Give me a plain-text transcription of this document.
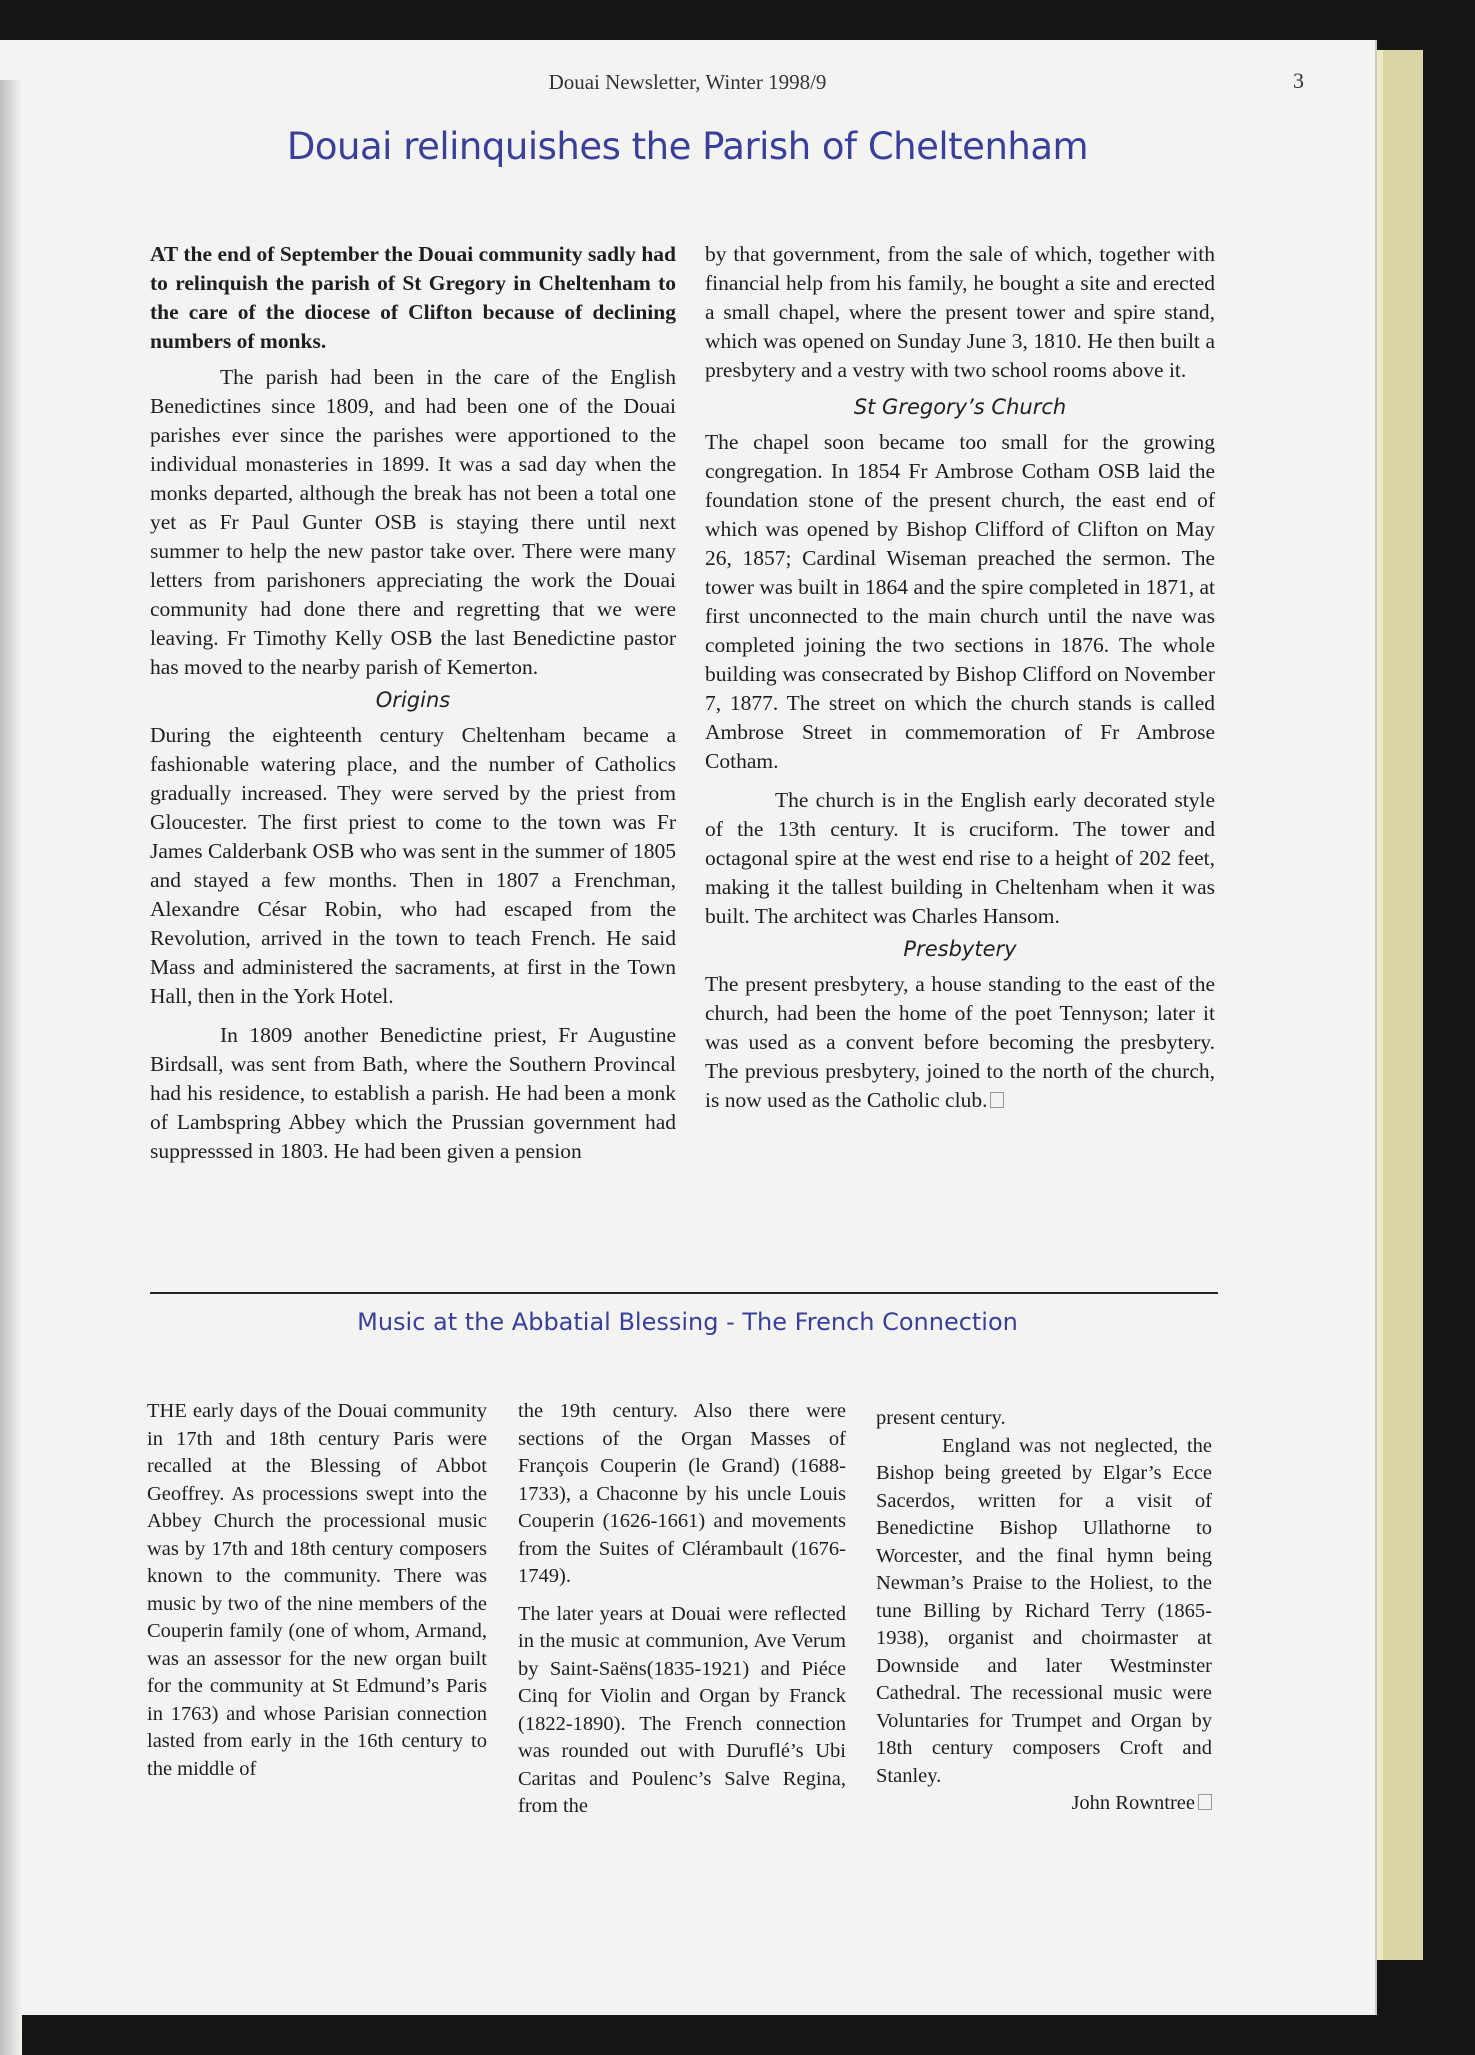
Douai Newsletter, Winter 1998/9	3
Douai relinquishes the Parish of Cheltenham

AT the end of September the Douai community sadly had to relinquish the parish of St Gregory in Cheltenham to the care of the diocese of Clifton because of declining numbers of monks.

The parish had been in the care of the English Benedictines since 1809, and had been one of the Douai parishes ever since the parishes were apportioned to the individual monasteries in 1899. It was a sad day when the monks departed, although the break has not been a total one yet as Fr Paul Gunter OSB is staying there until next summer to help the new pastor take over. There were many letters from parishoners appreciating the work the Douai community had done there and regretting that we were leaving. Fr Timothy Kelly OSB the last Benedictine pastor has moved to the nearby parish of Kemerton.

Origins

During the eighteenth century Cheltenham became a fashionable watering place, and the number of Catholics gradually increased. They were served by the priest from Gloucester. The first priest to come to the town was Fr James Calderbank OSB who was sent in the summer of 1805 and stayed a few months. Then in 1807 a Frenchman, Alexandre César Robin, who had escaped from the Revolution, arrived in the town to teach French. He said Mass and administered the sacraments, at first in the Town Hall, then in the York Hotel.

In 1809 another Benedictine priest, Fr Augustine Birdsall, was sent from Bath, where the Southern Provincal had his residence, to establish a parish. He had been a monk of Lambspring Abbey which the Prussian government had suppresssed in 1803. He had been given a pension

by that government, from the sale of which, together with financial help from his family, he bought a site and erected a small chapel, where the present tower and spire stand, which was opened on Sunday June 3, 1810. He then built a presbytery and a vestry with two school rooms above it.

St Gregory’s Church

The chapel soon became too small for the growing congregation. In 1854 Fr Ambrose Cotham OSB laid the foundation stone of the present church, the east end of which was opened by Bishop Clifford of Clifton on May 26, 1857; Cardinal Wiseman preached the sermon. The tower was built in 1864 and the spire completed in 1871, at first unconnected to the main church until the nave was completed joining the two sections in 1876. The whole building was consecrated by Bishop Clifford on November 7, 1877. The street on which the church stands is called Ambrose Street in commemoration of Fr Ambrose Cotham.

The church is in the English early decorated style of the 13th century. It is cruciform. The tower and octagonal spire at the west end rise to a height of 202 feet, making it the tallest building in Cheltenham when it was built. The architect was Charles Hansom.

Presbytery

The present presbytery, a house standing to the east of the church, had been the home of the poet Tennyson; later it was used as a convent before becoming the presbytery. The previous presbytery, joined to the north of the church, is now used as the Catholic club.

Music at the Abbatial Blessing - The French Connection

THE early days of the Douai community in 17th and 18th century Paris were recalled at the Blessing of Abbot Geoffrey. As processions swept into the Abbey Church the processional music was by 17th and 18th century composers known to the community. There was music by two of the nine members of the Couperin family (one of whom, Armand, was an assessor for the new organ built for the community at St Edmund’s Paris in 1763) and whose Parisian connection lasted from early in the 16th century to the middle of

the 19th century. Also there were sections of the Organ Masses of François Couperin (le Grand) (1688-1733), a Chaconne by his uncle Louis Couperin (1626-1661) and movements from the Suites of Clérambault (1676-1749).

The later years at Douai were reflected in the music at communion, Ave Verum by Saint-Saëns(1835-1921) and Piéce Cinq for Violin and Organ by Franck (1822-1890). The French connection was rounded out with Duruflé’s Ubi Caritas and Poulenc’s Salve Regina, from the

present century.

England was not neglected, the Bishop being greeted by Elgar’s Ecce Sacerdos, written for a visit of Benedictine Bishop Ullathorne to Worcester, and the final hymn being Newman’s Praise to the Holiest, to the tune Billing by Richard Terry (1865-1938), organist and choirmaster at Downside and later Westminster Cathedral. The recessional music were Voluntaries for Trumpet and Organ by 18th century composers Croft and Stanley.

John Rowntree
